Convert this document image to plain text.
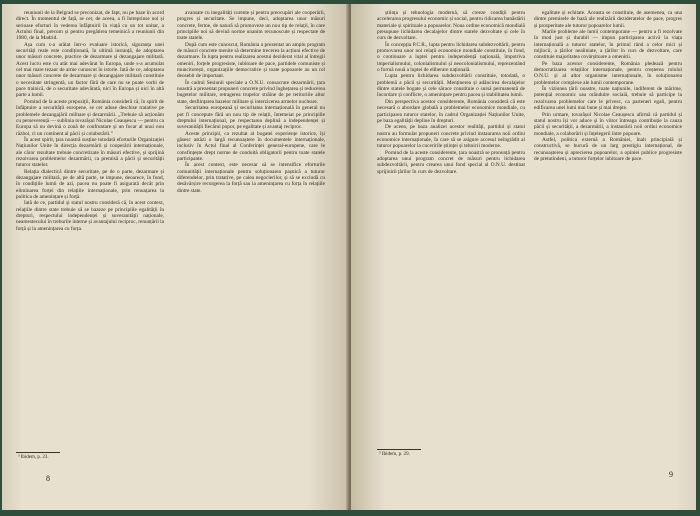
reuniunii de la Belgrad se preconizat, de fapt, nu pe baze în acord direct. În momentul de față, se cer, de aceea, a fi întreprinse noi și serioase eforturi în vederea înfăptuirii în viață cu un tot unitar, a Actului final, precum și pentru pregătirea temeinică a reuniunii din 1980, de la Madrid.

Așa cum s-a arătat într-o evaluare istorică, siguranța unei securități reale este condiționată, în ultimă instanță, de adoptarea unor măsuri concrete, practice de dezarmare și dezangajare militară. Acest lucru este cu atât mai adevărat în Europa, unde s-a acumulat cel mai mare tezaur de arme cunoscut în istorie. Iată de ce, adoptarea unor măsuri concrete de dezarmare și dezangajare militară constituie o necesitate stringentă, un factor fără de care nu se poate vorbi de pace trainică, de o securitate adevărată, nici în Europa și nici în altă parte a lumii.

Pornind de la aceste prepoziții, România consideră că, în spirit de înfăptuire a securității europene, se cer aduse deschise tratative pe problemele dezangajării militare și dezarmării. „Trebuie să acționăm cu perseverență — sublinia tovarășul Nicolae Ceaușescu — pentru ca Europa să nu devină o zonă de confruntare și un focar al unui nou război, ci un continent al păcii și colaborării.”

În acest spirit, țara noastră susține totodată eforturile Organizației Națiunilor Unite în direcția dezarmării și cooperării internaționale, ale căror rezultate trebuie concretizate în măsuri efective, și sprijină rezolvarea problemelor dezarmării, ca premisă a păcii și securității tuturor statelor.

Relația dialectică dintre securitate, pe de o parte, dezarmare și dezangajare militară, pe de altă parte, se impune, deoarece, în fond, în condițiile lumii de azi, pacea nu poate fi asigurată decât prin eliminarea forței din relațiile internaționale, prin renunțarea la politica de amenințare și forță.

Iată de ce, partidul și statul nostru consideră că, în acest context, relațiile dintre state trebuie să se bazeze pe principiile egalității în drepturi, respectului independenței și suveranității naționale, neamestecului în treburile interne și avantajului reciproc, renunțării la forță și la amenințarea cu forța.

avansate cu inegalități curente și pentru preocupări ale cooperării, progres și securitate. Se impune, deci, adoptarea unor măsuri concrete, ferme, de natură să promoveze un nou tip de relații, în care principiile noi să devină norme unanim recunoscute și respectate de toate statele.

După cum este cunoscut, România a prezentat un amplu program de măsuri concrete menite să determine trecerea la acțiuni efective de dezarmare. În lupta pentru realizarea acestui deziderat vital al întregii omeniri, forțele progresiste, iubitoare de pace, partidele comuniste și muncitorești, organizațiile democratice și toate popoarele au un rol deosebit de important.

În cadrul Sesiunii speciale a O.N.U. consacrate dezarmării, țara noastră a prezentat propuneri concrete privind înghețarea și reducerea bugetelor militare, retragerea trupelor străine de pe teritoriile altor state, desființarea bazelor militare și interzicerea armelor nucleare.

Securitatea europeană și securitatea internațională în general nu pot fi concepute fără un nou tip de relații, întemeiat pe principiile dreptului internațional, pe respectarea deplină a independenței și suveranității fiecărui popor, pe egalitate și avantaj reciproc.

Aceste principii, ca rezultat al bogatei experiențe istorice, își găsesc astăzi o largă recunoaștere în documentele internaționale, inclusiv în Actul final al Conferinței general-europene, care le consfințește drept norme de conduită obligatorii pentru toate statele participante.

În acest context, este necesar să se intensifice eforturile comunității internaționale pentru soluționarea pașnică a tuturor diferendelor, prin tratative, pe calea negocierilor, și să se excludă cu desăvârșire recurgerea la forță sau la amenințarea cu forța în relațiile dintre state.

³ Ibidem, p. 23.
8

știința și tehnologia modernă, să creeze condiții pentru accelerarea progresului economic și social, pentru ridicarea bunăstării materiale și spirituale a popoarelor. Noua ordine economică mondială presupune lichidarea decalajelor dintre statele dezvoltate și cele în curs de dezvoltare.

În concepția P.C.R., lupta pentru lichidarea subdezvoltării, pentru promovarea unor noi relații economice mondiale constituie, în fond, o continuare a luptei pentru independență națională, împotriva imperialismului, colonialismului și neocolonialismului, reprezentând o formă nouă a luptei de eliberare națională.

Lupta pentru lichidarea subdezvoltării constituie, totodată, o problemă a păcii și securității. Menținerea și adâncirea decalajelor dintre statele bogate și cele sărace constituie o sursă permanentă de încordare și conflicte, o amenințare pentru pacea și stabilitatea lumii.

Din perspectiva acestor considerente, România consideră că este necesară o abordare globală a problemelor economice mondiale, cu participarea tuturor statelor, în cadrul Organizației Națiunilor Unite, pe baza egalității depline în drepturi.

De aceea, pe baza analizei acestor realități, partidul și statul nostru au formulat propuneri concrete privind instaurarea noii ordini economice internaționale, în care să se asigure accesul neîngrădit al tuturor popoarelor la cuceririle științei și tehnicii moderne.

Pornind de la aceste considerente, țara noastră se pronunță pentru adoptarea unui program concret de măsuri pentru lichidarea subdezvoltării, pentru crearea unui fond special al O.N.U. destinat sprijinirii țărilor în curs de dezvoltare.

egalitate și echitate. Aceasta se constituie, de asemenea, ca una dintre premisele de bază ale realizării dezideratelor de pace, progres și prosperitate ale tuturor popoarelor lumii.

Marile probleme ale lumii contemporane — pentru a fi rezolvate în mod just și durabil — impun participarea activă la viața internațională a tuturor statelor, în primul rând a celor mici și mijlocii, a țărilor nealiniate, a țărilor în curs de dezvoltare, care constituie majoritatea covârșitoare a omenirii.

Pe baza acestor considerente, România pledează pentru democratizarea relațiilor internaționale, pentru creșterea rolului O.N.U. și al altor organisme internaționale, în soluționarea problemelor complexe ale lumii contemporane.

În viziunea țării noastre, toate națiunile, indiferent de mărime, potențial economic sau orânduire socială, trebuie să participe la rezolvarea problemelor care le privesc, ca parteneri egali, pentru edificarea unei lumi mai bune și mai drepte.

Prin urmare, tovarășul Nicolae Ceaușescu afirmă că partidul și statul nostru își vor aduce și în viitor întreaga contribuție la cauza păcii și securității, a dezarmării, a instaurării noii ordini economice mondiale, a colaborării și înțelegerii între popoare.

Astfel, politica externă a României, înalt principială și constructivă, se bucură de un larg prestigiu internațional, de recunoașterea și aprecierea popoarelor, a opiniei publice progresiste de pretutindeni, a tuturor forțelor iubitoare de pace.

⁵ Ibidem, p. 29.
9
